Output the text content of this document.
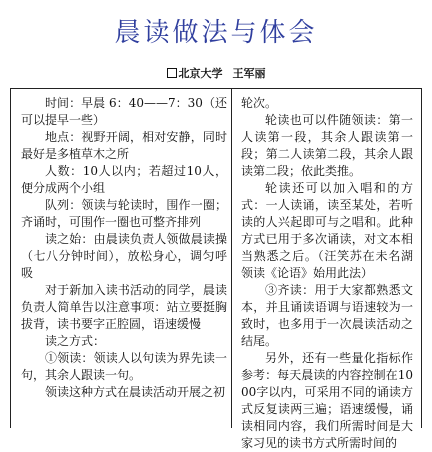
晨读做法与体会
北京大学 王军丽

时间：早晨 6：40——7：30（还可以提早一些）

地点：视野开阔，相对安静，同时最好是多植草木之所

人数：10人以内；若超过10人，便分成两个小组

队列：领读与轮读时，围作一圈；齐诵时，可围作一圈也可整齐排列

读之始：由晨读负责人领做晨读操（七八分钟时间），放松身心，调匀呼吸

对于新加入读书活动的同学，晨读负责人简单告以注意事项：站立要挺胸拔背，读书要字正腔圆，语速缓慢

读之方式：

①领读：领读人以句读为界先读一句，其余人跟读一句。

领读这种方式在晨读活动开展之初

轮次。

轮读也可以件随领读：第一人读第一段，其余人跟读第一段；第二人读第二段，其余人跟读第二段；依此类推。

轮读还可以加入唱和的方式：一人读诵，读至某处，若听读的人兴起即可与之唱和。此种方式已用于多次诵读，对文本相当熟悉之后。（汪笑苏在未名湖领读《论语》始用此法）

③齐读：用于大家都熟悉文本，并且诵读语调与语速较为一致时，也多用于一次晨读活动之结尾。

另外，还有一些量化指标作参考：每天晨读的内容控制在1000字以内，可采用不同的诵读方式反复读两三遍；语速缓慢，诵读相同内容，我们所需时间是大家习见的读书方式所需时间的
